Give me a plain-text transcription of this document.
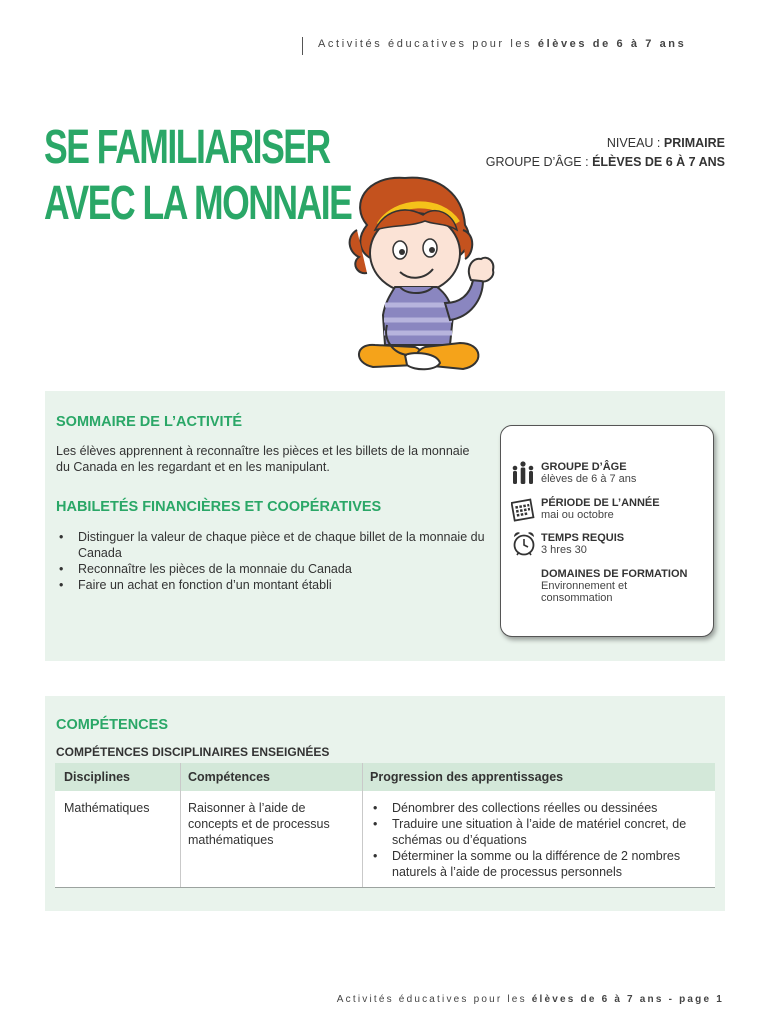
Activités éducatives pour les élèves de 6 à 7 ans
SE FAMILIARISER
AVEC LA MONNAIE
NIVEAU : PRIMAIRE
GROUPE D’ÂGE : ÉLÈVES DE 6 À 7 ANS
SOMMAIRE DE L’ACTIVITÉ
Les élèves apprennent à reconnaître les pièces et les billets de la monnaie du Canada en les regardant et en les manipulant.
HABILETÉS FINANCIÈRES ET COOPÉRATIVES
• Distinguer la valeur de chaque pièce et de chaque billet de la monnaie du Canada
• Reconnaître les pièces de la monnaie du Canada
• Faire un achat en fonction d’un montant établi
GROUPE D’ÂGE
élèves de 6 à 7 ans
PÉRIODE DE L’ANNÉE
mai ou octobre
TEMPS REQUIS
3 hres 30
DOMAINES DE FORMATION
Environnement et consommation
COMPÉTENCES
COMPÉTENCES DISCIPLINAIRES ENSEIGNÉES
Disciplines	Compétences	Progression des apprentissages
Mathématiques	Raisonner à l’aide de concepts et de processus mathématiques
• Dénombrer des collections réelles ou dessinées
• Traduire une situation à l’aide de matériel concret, de schémas ou d’équations
• Déterminer la somme ou la différence de 2 nombres naturels à l’aide de processus personnels
Activités éducatives pour les élèves de 6 à 7 ans - page 1
